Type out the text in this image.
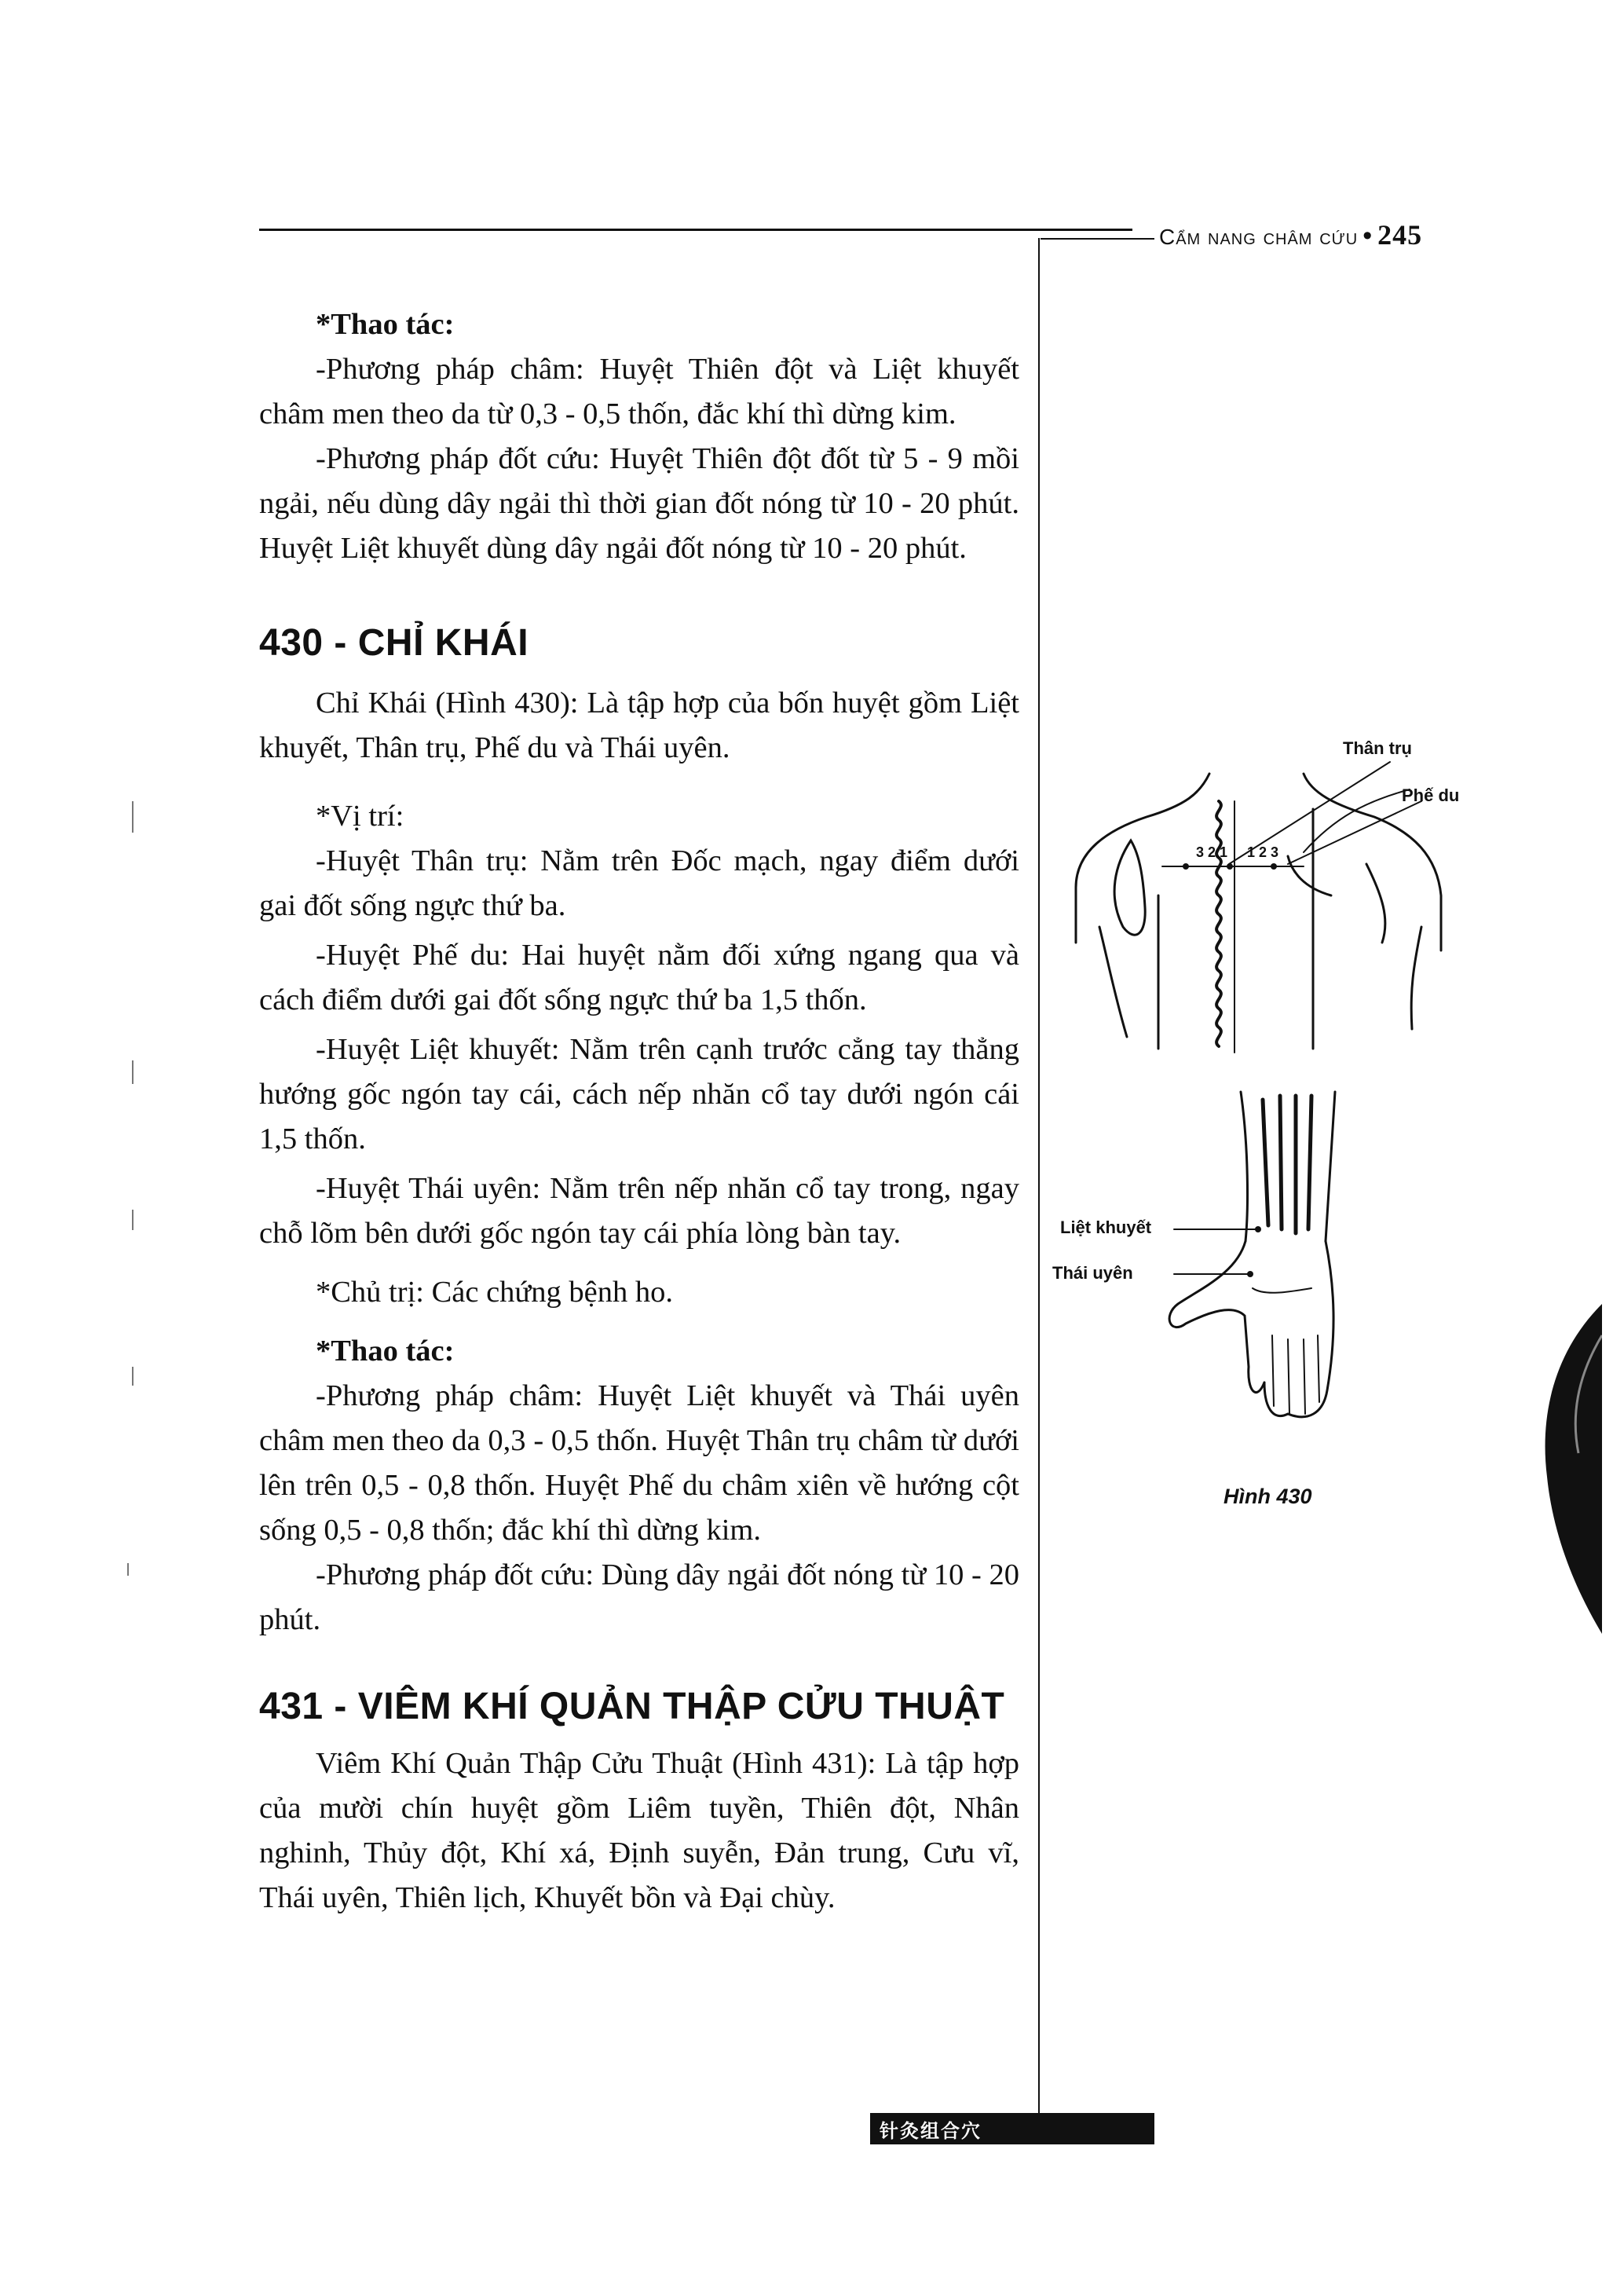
Cẩm nang châm cứu • 245

*Thao tác:

-Phương pháp châm: Huyệt Thiên đột và Liệt khuyết châm men theo da từ 0,3 - 0,5 thốn, đắc khí thì dừng kim.

-Phương pháp đốt cứu: Huyệt Thiên đột đốt từ 5 - 9 mồi ngải, nếu dùng dây ngải thì thời gian đốt nóng từ 10 - 20 phút. Huyệt Liệt khuyết dùng dây ngải đốt nóng từ 10 - 20 phút.

430 - CHỈ KHÁI

Chỉ Khái (Hình 430): Là tập hợp của bốn huyệt gồm Liệt khuyết, Thân trụ, Phế du và Thái uyên.

*Vị trí:

-Huyệt Thân trụ: Nằm trên Đốc mạch, ngay điểm dưới gai đốt sống ngực thứ ba.

-Huyệt Phế du: Hai huyệt nằm đối xứng ngang qua và cách điểm dưới gai đốt sống ngực thứ ba 1,5 thốn.

-Huyệt Liệt khuyết: Nằm trên cạnh trước cẳng tay thẳng hướng gốc ngón tay cái, cách nếp nhăn cổ tay dưới ngón cái 1,5 thốn.

-Huyệt Thái uyên: Nằm trên nếp nhăn cổ tay trong, ngay chỗ lõm bên dưới gốc ngón tay cái phía lòng bàn tay.

*Chủ trị: Các chứng bệnh ho.

*Thao tác:

-Phương pháp châm: Huyệt Liệt khuyết và Thái uyên châm men theo da 0,3 - 0,5 thốn. Huyệt Thân trụ châm từ dưới lên trên 0,5 - 0,8 thốn. Huyệt Phế du châm xiên về hướng cột sống 0,5 - 0,8 thốn; đắc khí thì dừng kim.

-Phương pháp đốt cứu: Dùng dây ngải đốt nóng từ 10 - 20 phút.

431 - VIÊM KHÍ QUẢN THẬP CỬU THUẬT

Viêm Khí Quản Thập Cửu Thuật (Hình 431): Là tập hợp của mười chín huyệt gồm Liêm tuyền, Thiên đột, Nhân nghinh, Thủy đột, Khí xá, Định suyễn, Đản trung, Cưu vĩ, Thái uyên, Thiên lịch, Khuyết bồn và Đại chùy.

3 2 1 1 2 3
Thân trụ
Phế du
Liệt khuyết
Thái uyên
Hình 430
针灸组合穴
